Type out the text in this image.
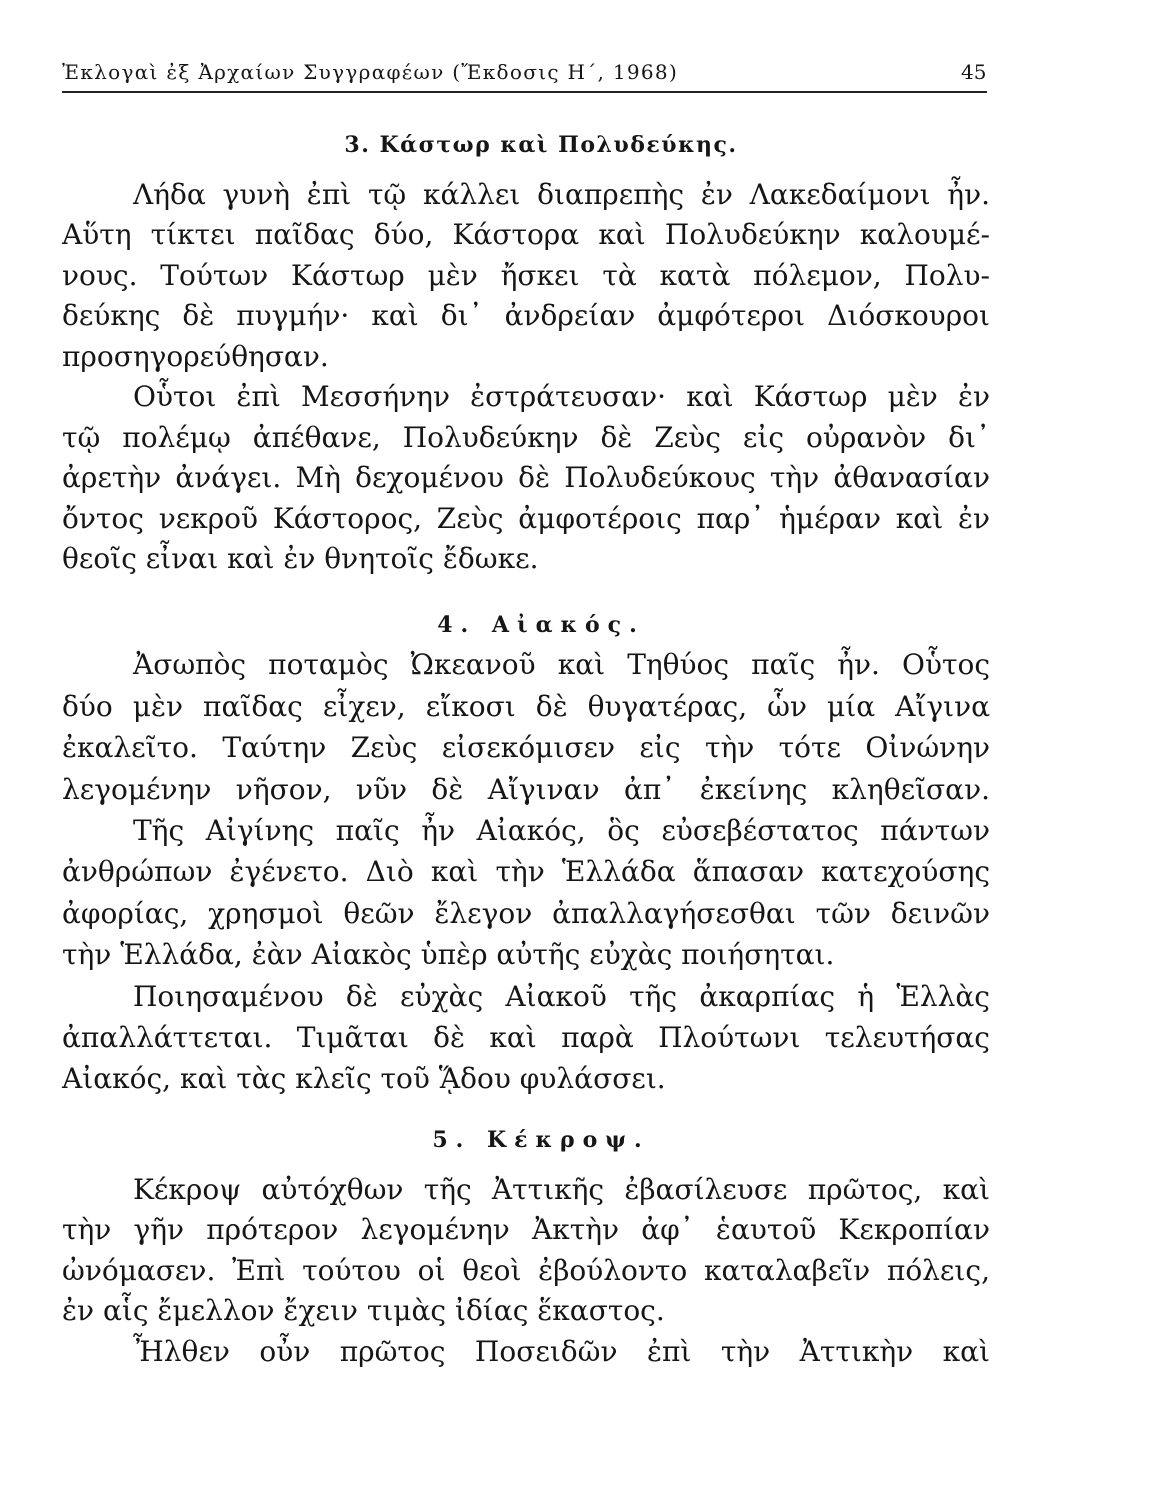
Ἐκλογαὶ ἐξ Ἀρχαίων Συγγραφέων (Ἔκδοσις Η΄, 1968)	45
3. Κάστωρ καὶ Πολυδεύκης.
Λήδα γυνὴ ἐπὶ τῷ κάλλει διαπρεπὴς ἐν Λακεδαίμονι ἦν.
Αὕτη τίκτει παῖδας δύο, Κάστορα καὶ Πολυδεύκην καλουμέ-
νους. Τούτων Κάστωρ μὲν ἤσκει τὰ κατὰ πόλεμον, Πολυ-
δεύκης δὲ πυγμήν· καὶ δι᾿ ἀνδρείαν ἀμφότεροι Διόσκουροι
προσηγορεύθησαν.
Οὗτοι ἐπὶ Μεσσήνην ἐστράτευσαν· καὶ Κάστωρ μὲν ἐν
τῷ πολέμῳ ἀπέθανε, Πολυδεύκην δὲ Ζεὺς εἰς οὐρανὸν δι᾿
ἀρετὴν ἀνάγει. Μὴ δεχομένου δὲ Πολυδεύκους τὴν ἀθανασίαν
ὄντος νεκροῦ Κάστορος, Ζεὺς ἀμφοτέροις παρ᾿ ἡμέραν καὶ ἐν
θεοῖς εἶναι καὶ ἐν θνητοῖς ἔδωκε.
4. Αἰακός.
Ἀσωπὸς ποταμὸς Ὠκεανοῦ καὶ Τηθύος παῖς ἦν. Οὗτος
δύο μὲν παῖδας εἶχεν, εἴκοσι δὲ θυγατέρας, ὧν μία Αἴγινα
ἐκαλεῖτο. Ταύτην Ζεὺς εἰσεκόμισεν εἰς τὴν τότε Οἰνώνην
λεγομένην νῆσον, νῦν δὲ Αἴγιναν ἀπ᾿ ἐκείνης κληθεῖσαν.
Τῆς Αἰγίνης παῖς ἦν Αἰακός, ὃς εὐσεβέστατος πάντων
ἀνθρώπων ἐγένετο. Διὸ καὶ τὴν Ἑλλάδα ἅπασαν κατεχούσης
ἀφορίας, χρησμοὶ θεῶν ἔλεγον ἀπαλλαγήσεσθαι τῶν δεινῶν
τὴν Ἑλλάδα, ἐὰν Αἰακὸς ὑπὲρ αὐτῆς εὐχὰς ποιήσηται.
Ποιησαμένου δὲ εὐχὰς Αἰακοῦ τῆς ἀκαρπίας ἡ Ἑλλὰς
ἀπαλλάττεται. Τιμᾶται δὲ καὶ παρὰ Πλούτωνι τελευτήσας
Αἰακός, καὶ τὰς κλεῖς τοῦ ᾍδου φυλάσσει.
5. Κέκροψ.
Κέκροψ αὐτόχθων τῆς Ἀττικῆς ἐβασίλευσε πρῶτος, καὶ
τὴν γῆν πρότερον λεγομένην Ἀκτὴν ἀφ᾿ ἑαυτοῦ Κεκροπίαν
ὠνόμασεν. Ἐπὶ τούτου οἱ θεοὶ ἐβούλοντο καταλαβεῖν πόλεις,
ἐν αἷς ἔμελλον ἔχειν τιμὰς ἰδίας ἕκαστος.
Ἦλθεν οὖν πρῶτος Ποσειδῶν ἐπὶ τὴν Ἀττικὴν καὶ
